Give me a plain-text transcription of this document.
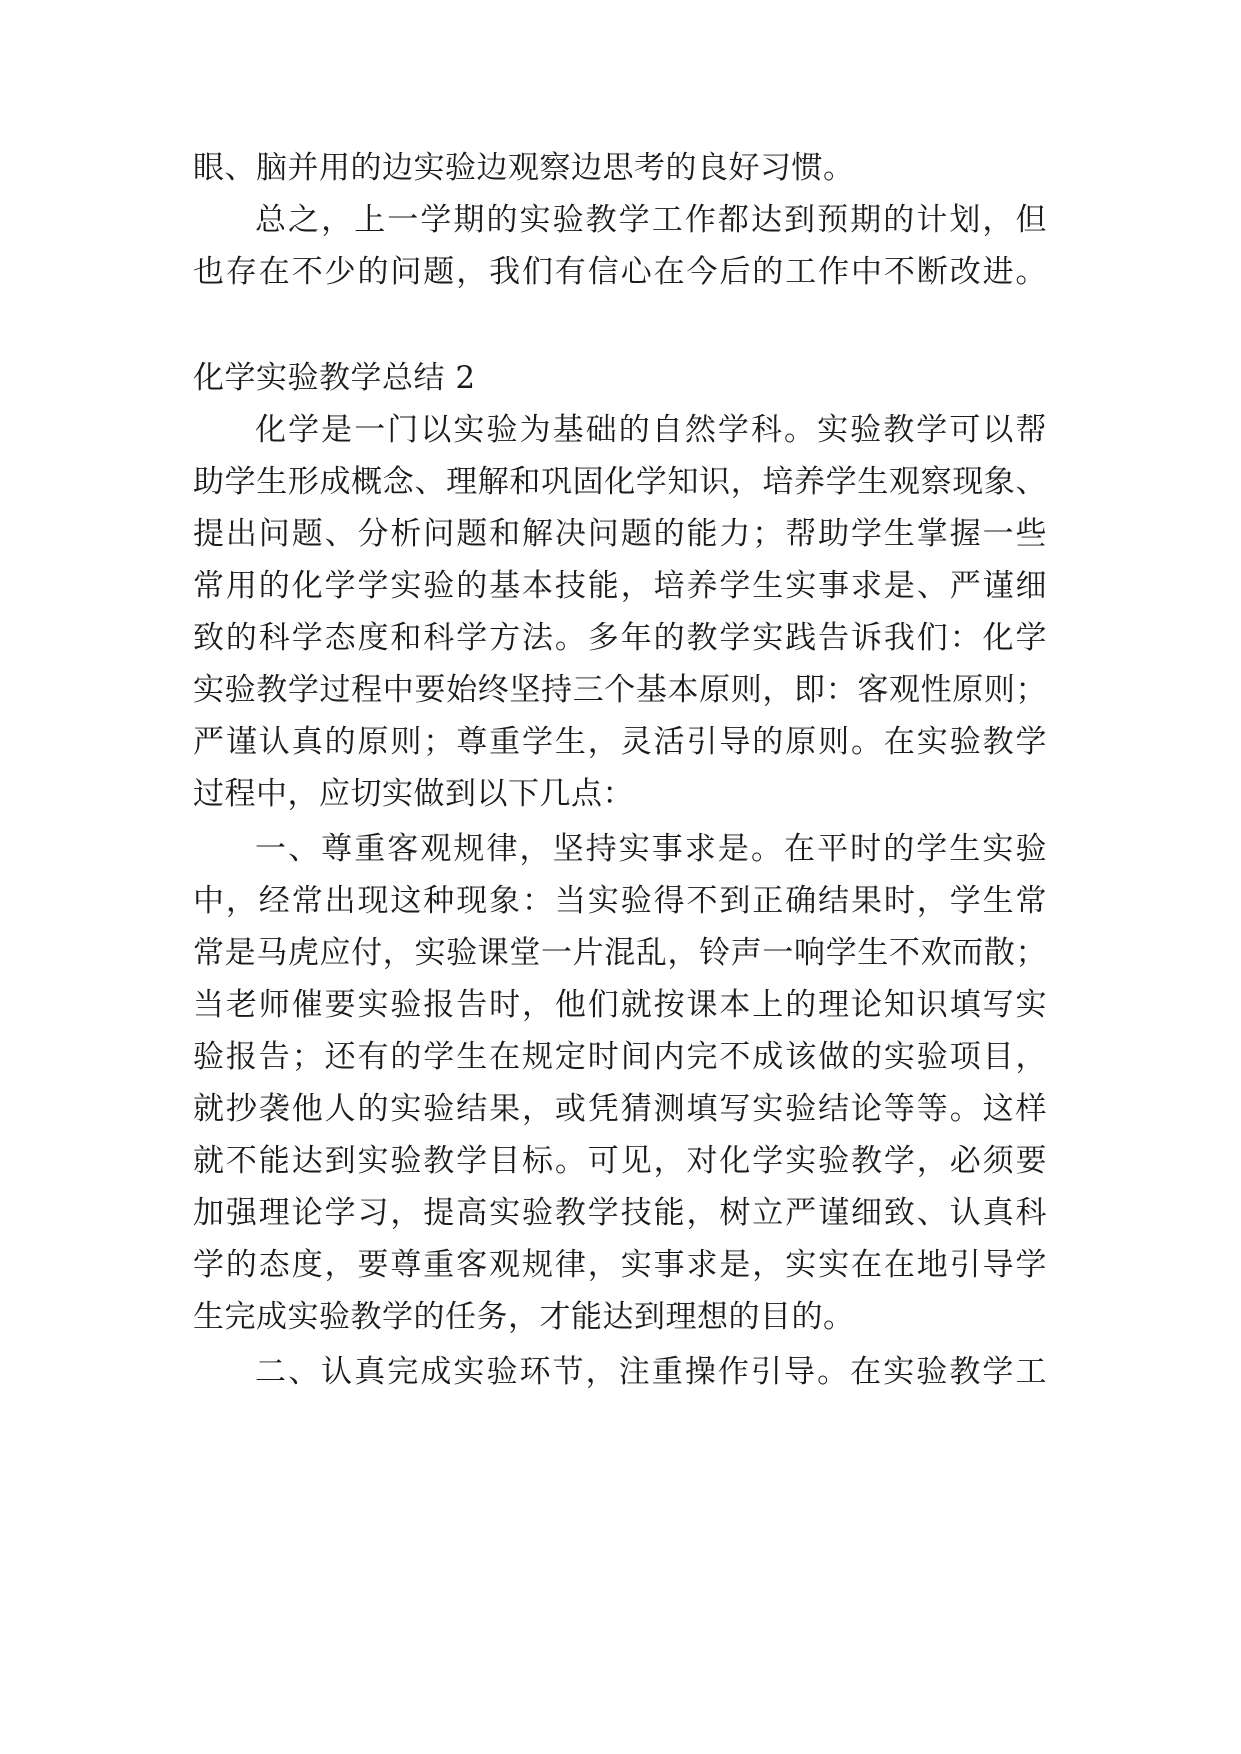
眼、脑并用的边实验边观察边思考的良好习惯。
总之，上一学期的实验教学工作都达到预期的计划，但
也存在不少的问题，我们有信心在今后的工作中不断改进。
化学实验教学总结 2
化学是一门以实验为基础的自然学科。实验教学可以帮
助学生形成概念、理解和巩固化学知识，培养学生观察现象、
提出问题、分析问题和解决问题的能力；帮助学生掌握一些
常用的化学学实验的基本技能，培养学生实事求是、严谨细
致的科学态度和科学方法。多年的教学实践告诉我们：化学
实验教学过程中要始终坚持三个基本原则，即：客观性原则；
严谨认真的原则；尊重学生，灵活引导的原则。在实验教学
过程中，应切实做到以下几点：
一、尊重客观规律，坚持实事求是。在平时的学生实验
中，经常出现这种现象：当实验得不到正确结果时，学生常
常是马虎应付，实验课堂一片混乱，铃声一响学生不欢而散；
当老师催要实验报告时，他们就按课本上的理论知识填写实
验报告；还有的学生在规定时间内完不成该做的实验项目，
就抄袭他人的实验结果，或凭猜测填写实验结论等等。这样
就不能达到实验教学目标。可见，对化学实验教学，必须要
加强理论学习，提高实验教学技能，树立严谨细致、认真科
学的态度，要尊重客观规律，实事求是，实实在在地引导学
生完成实验教学的任务，才能达到理想的目的。
二、认真完成实验环节，注重操作引导。在实验教学工
